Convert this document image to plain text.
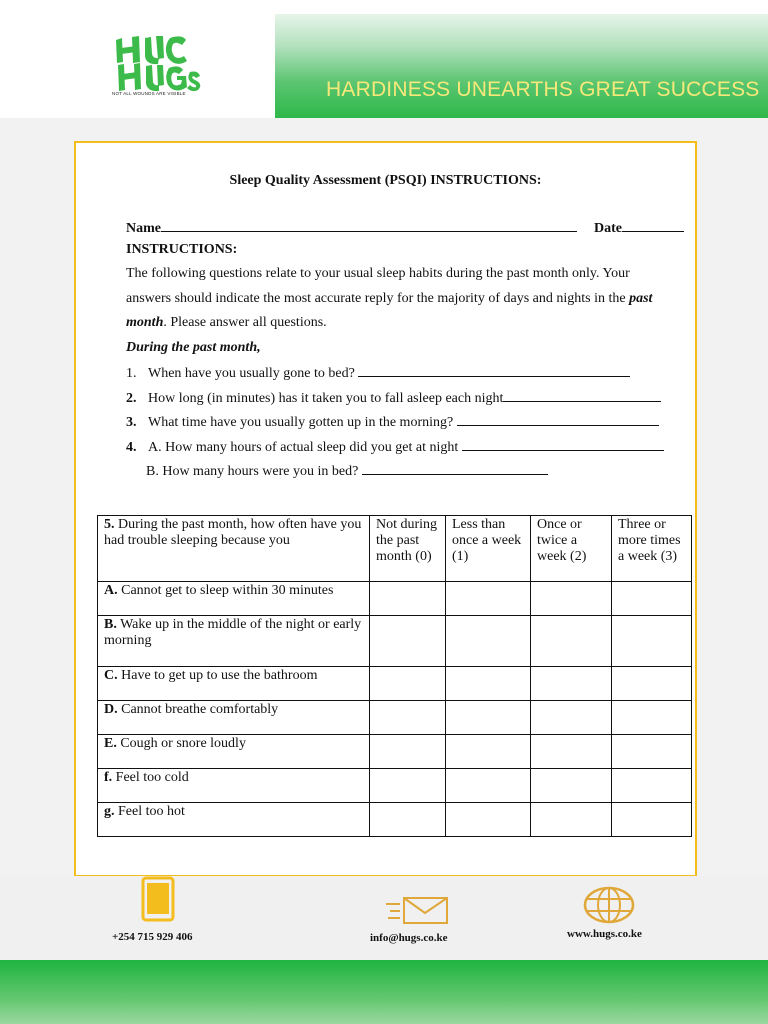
NOT ALL WOUNDS ARE VISIBLE	HARDINESS UNEARTHS GREAT SUCCESS
Sleep Quality Assessment (PSQI) INSTRUCTIONS:
Name	Date
INSTRUCTIONS:
The following questions relate to your usual sleep habits during the past month only. Your
answers should indicate the most accurate reply for the majority of days and nights in the past
month. Please answer all questions.
During the past month,
1. When have you usually gone to bed?
2. How long (in minutes) has it taken you to fall asleep each night
3. What time have you usually gotten up in the morning?
4. A. How many hours of actual sleep did you get at night
B. How many hours were you in bed?
5. During the past month, how often have you had trouble sleeping because you	Not during the past month (0)	Less than once a week (1)	Once or twice a week (2)	Three or more times a week (3)
A. Cannot get to sleep within 30 minutes				
B. Wake up in the middle of the night or early morning				
C. Have to get up to use the bathroom				
D. Cannot breathe comfortably				
E. Cough or snore loudly				
f. Feel too cold				
g. Feel too hot				
+254 715 929 406	info@hugs.co.ke	www.hugs.co.ke
